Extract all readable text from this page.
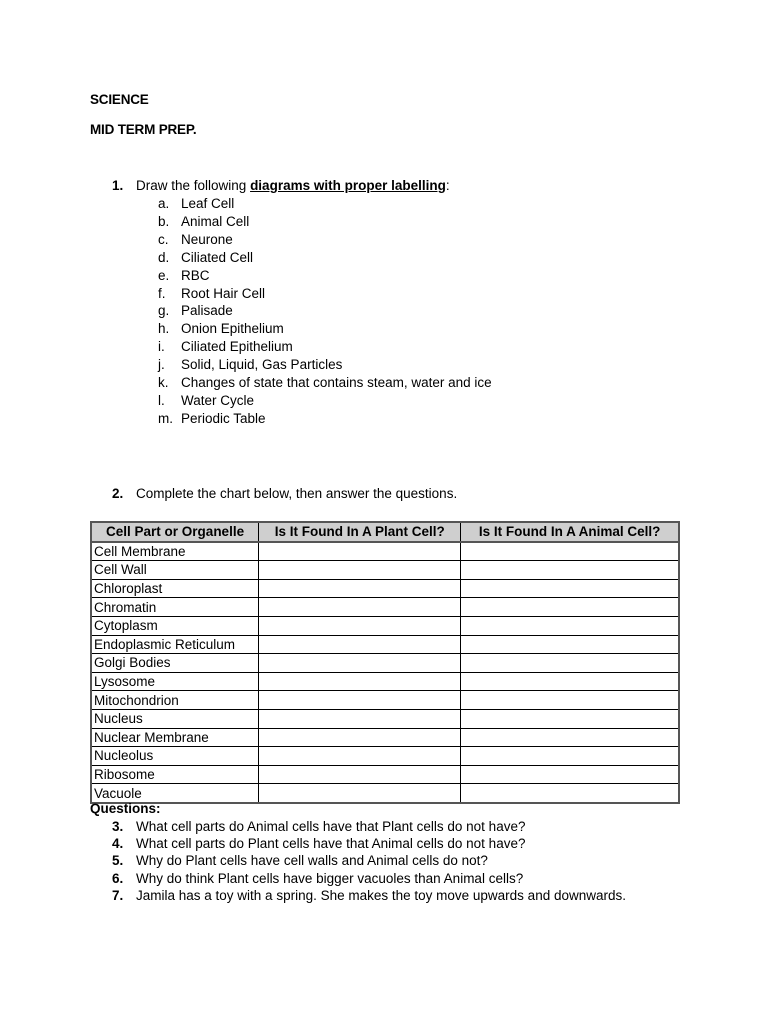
SCIENCE
MID TERM PREP.
1. Draw the following diagrams with proper labelling:
a. Leaf Cell
b. Animal Cell
c. Neurone
d. Ciliated Cell
e. RBC
f. Root Hair Cell
g. Palisade
h. Onion Epithelium
i. Ciliated Epithelium
j. Solid, Liquid, Gas Particles
k. Changes of state that contains steam, water and ice
l. Water Cycle
m. Periodic Table
2. Complete the chart below, then answer the questions.
Cell Part or Organelle	Is It Found In A Plant Cell?	Is It Found In A Animal Cell?
Cell Membrane		
Cell Wall		
Chloroplast		
Chromatin		
Cytoplasm		
Endoplasmic Reticulum		
Golgi Bodies		
Lysosome		
Mitochondrion		
Nucleus		
Nuclear Membrane		
Nucleolus		
Ribosome		
Vacuole		
Questions:
3. What cell parts do Animal cells have that Plant cells do not have?
4. What cell parts do Plant cells have that Animal cells do not have?
5. Why do Plant cells have cell walls and Animal cells do not?
6. Why do think Plant cells have bigger vacuoles than Animal cells?
7. Jamila has a toy with a spring. She makes the toy move upwards and downwards.
